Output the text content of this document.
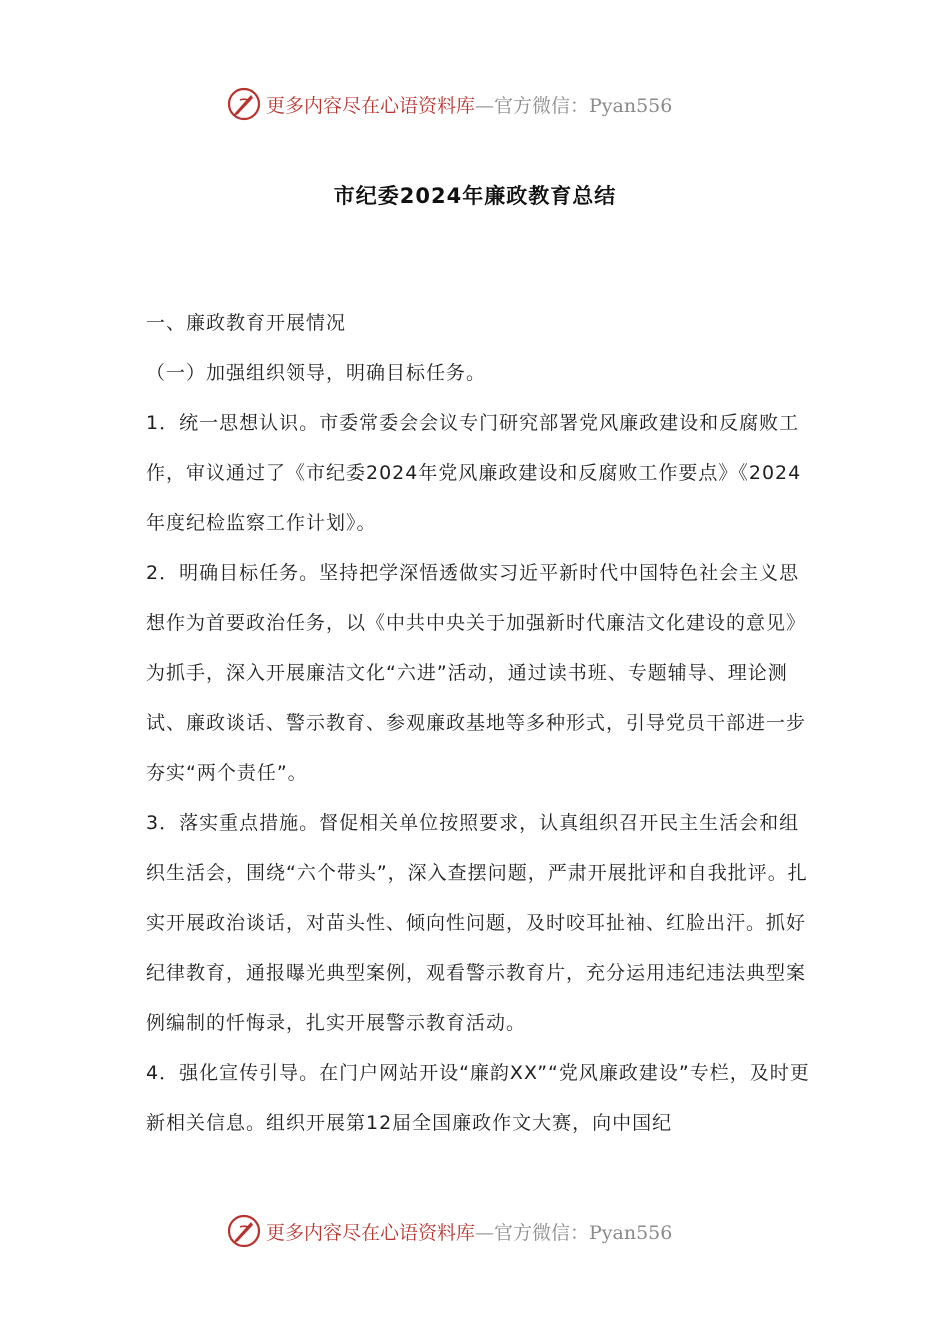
更多内容尽在心语资料库—官方微信：Pyan556
市纪委2024年廉政教育总结

一、廉政教育开展情况

（一）加强组织领导，明确目标任务。

1．统一思想认识。市委常委会会议专门研究部署党风廉政建设和反腐败工作，审议通过了《市纪委2024年党风廉政建设和反腐败工作要点》《2024年度纪检监察工作计划》。

2．明确目标任务。坚持把学深悟透做实习近平新时代中国特色社会主义思想作为首要政治任务，以《中共中央关于加强新时代廉洁文化建设的意见》为抓手，深入开展廉洁文化“六进”活动，通过读书班、专题辅导、理论测试、廉政谈话、警示教育、参观廉政基地等多种形式，引导党员干部进一步夯实“两个责任”。

3．落实重点措施。督促相关单位按照要求，认真组织召开民主生活会和组织生活会，围绕“六个带头”，深入查摆问题，严肃开展批评和自我批评。扎实开展政治谈话，对苗头性、倾向性问题，及时咬耳扯袖、红脸出汗。抓好纪律教育，通报曝光典型案例，观看警示教育片，充分运用违纪违法典型案例编制的忏悔录，扎实开展警示教育活动。

4．强化宣传引导。在门户网站开设“廉韵XX”“党风廉政建设”专栏，及时更新相关信息。组织开展第12届全国廉政作文大赛，向中国纪

更多内容尽在心语资料库—官方微信：Pyan556
